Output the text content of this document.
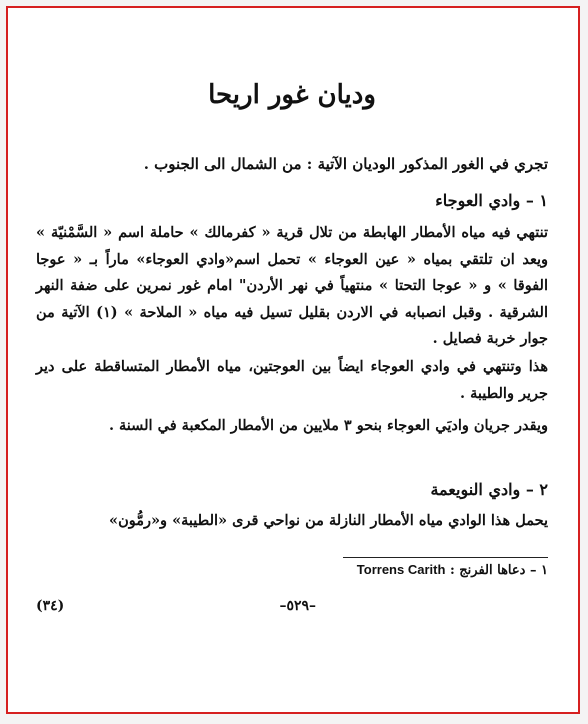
وديان غور اريحا

تجري في الغور المذكور الوديان الآتية : من الشمال الى الجنوب .

١ – وادي العوجاء

تنتهي فيه مياه الأمطار الهابطة من تلال قرية « كفرمالك » حاملة اسم « السَّمْنيّة » ويعد ان تلتقي بمياه « عين العوجاء » تحمل اسم«وادي العوجاء» ماراً بـ « عوجا الفوقا » و « عوجا التحتا » منتهياً في نهر الأردن" امام غور نمرين على ضفة النهر الشرقية . وقبل انصبابه في الاردن بقليل تسيل فيه مياه « الملاحة » (١) الآتية من جوار خربة فصايل .

هذا وتنتهي في وادي العوجاء ايضاً بين العوجتين، مياه الأمطار المتساقطة على دير جرير والطيبة .

ويقدر جريان واديَي العوجاء بنحو ٣ ملايين من الأمطار المكعبة في السنة .

٢ – وادي النويعمة

يحمل هذا الوادي مياه الأمطار النازلة من نواحي قرى «الطيبة» و«رمُّون»

١ – دعاها الفرنج : Torrens Carith

–٥٢٩–

(٣٤)
